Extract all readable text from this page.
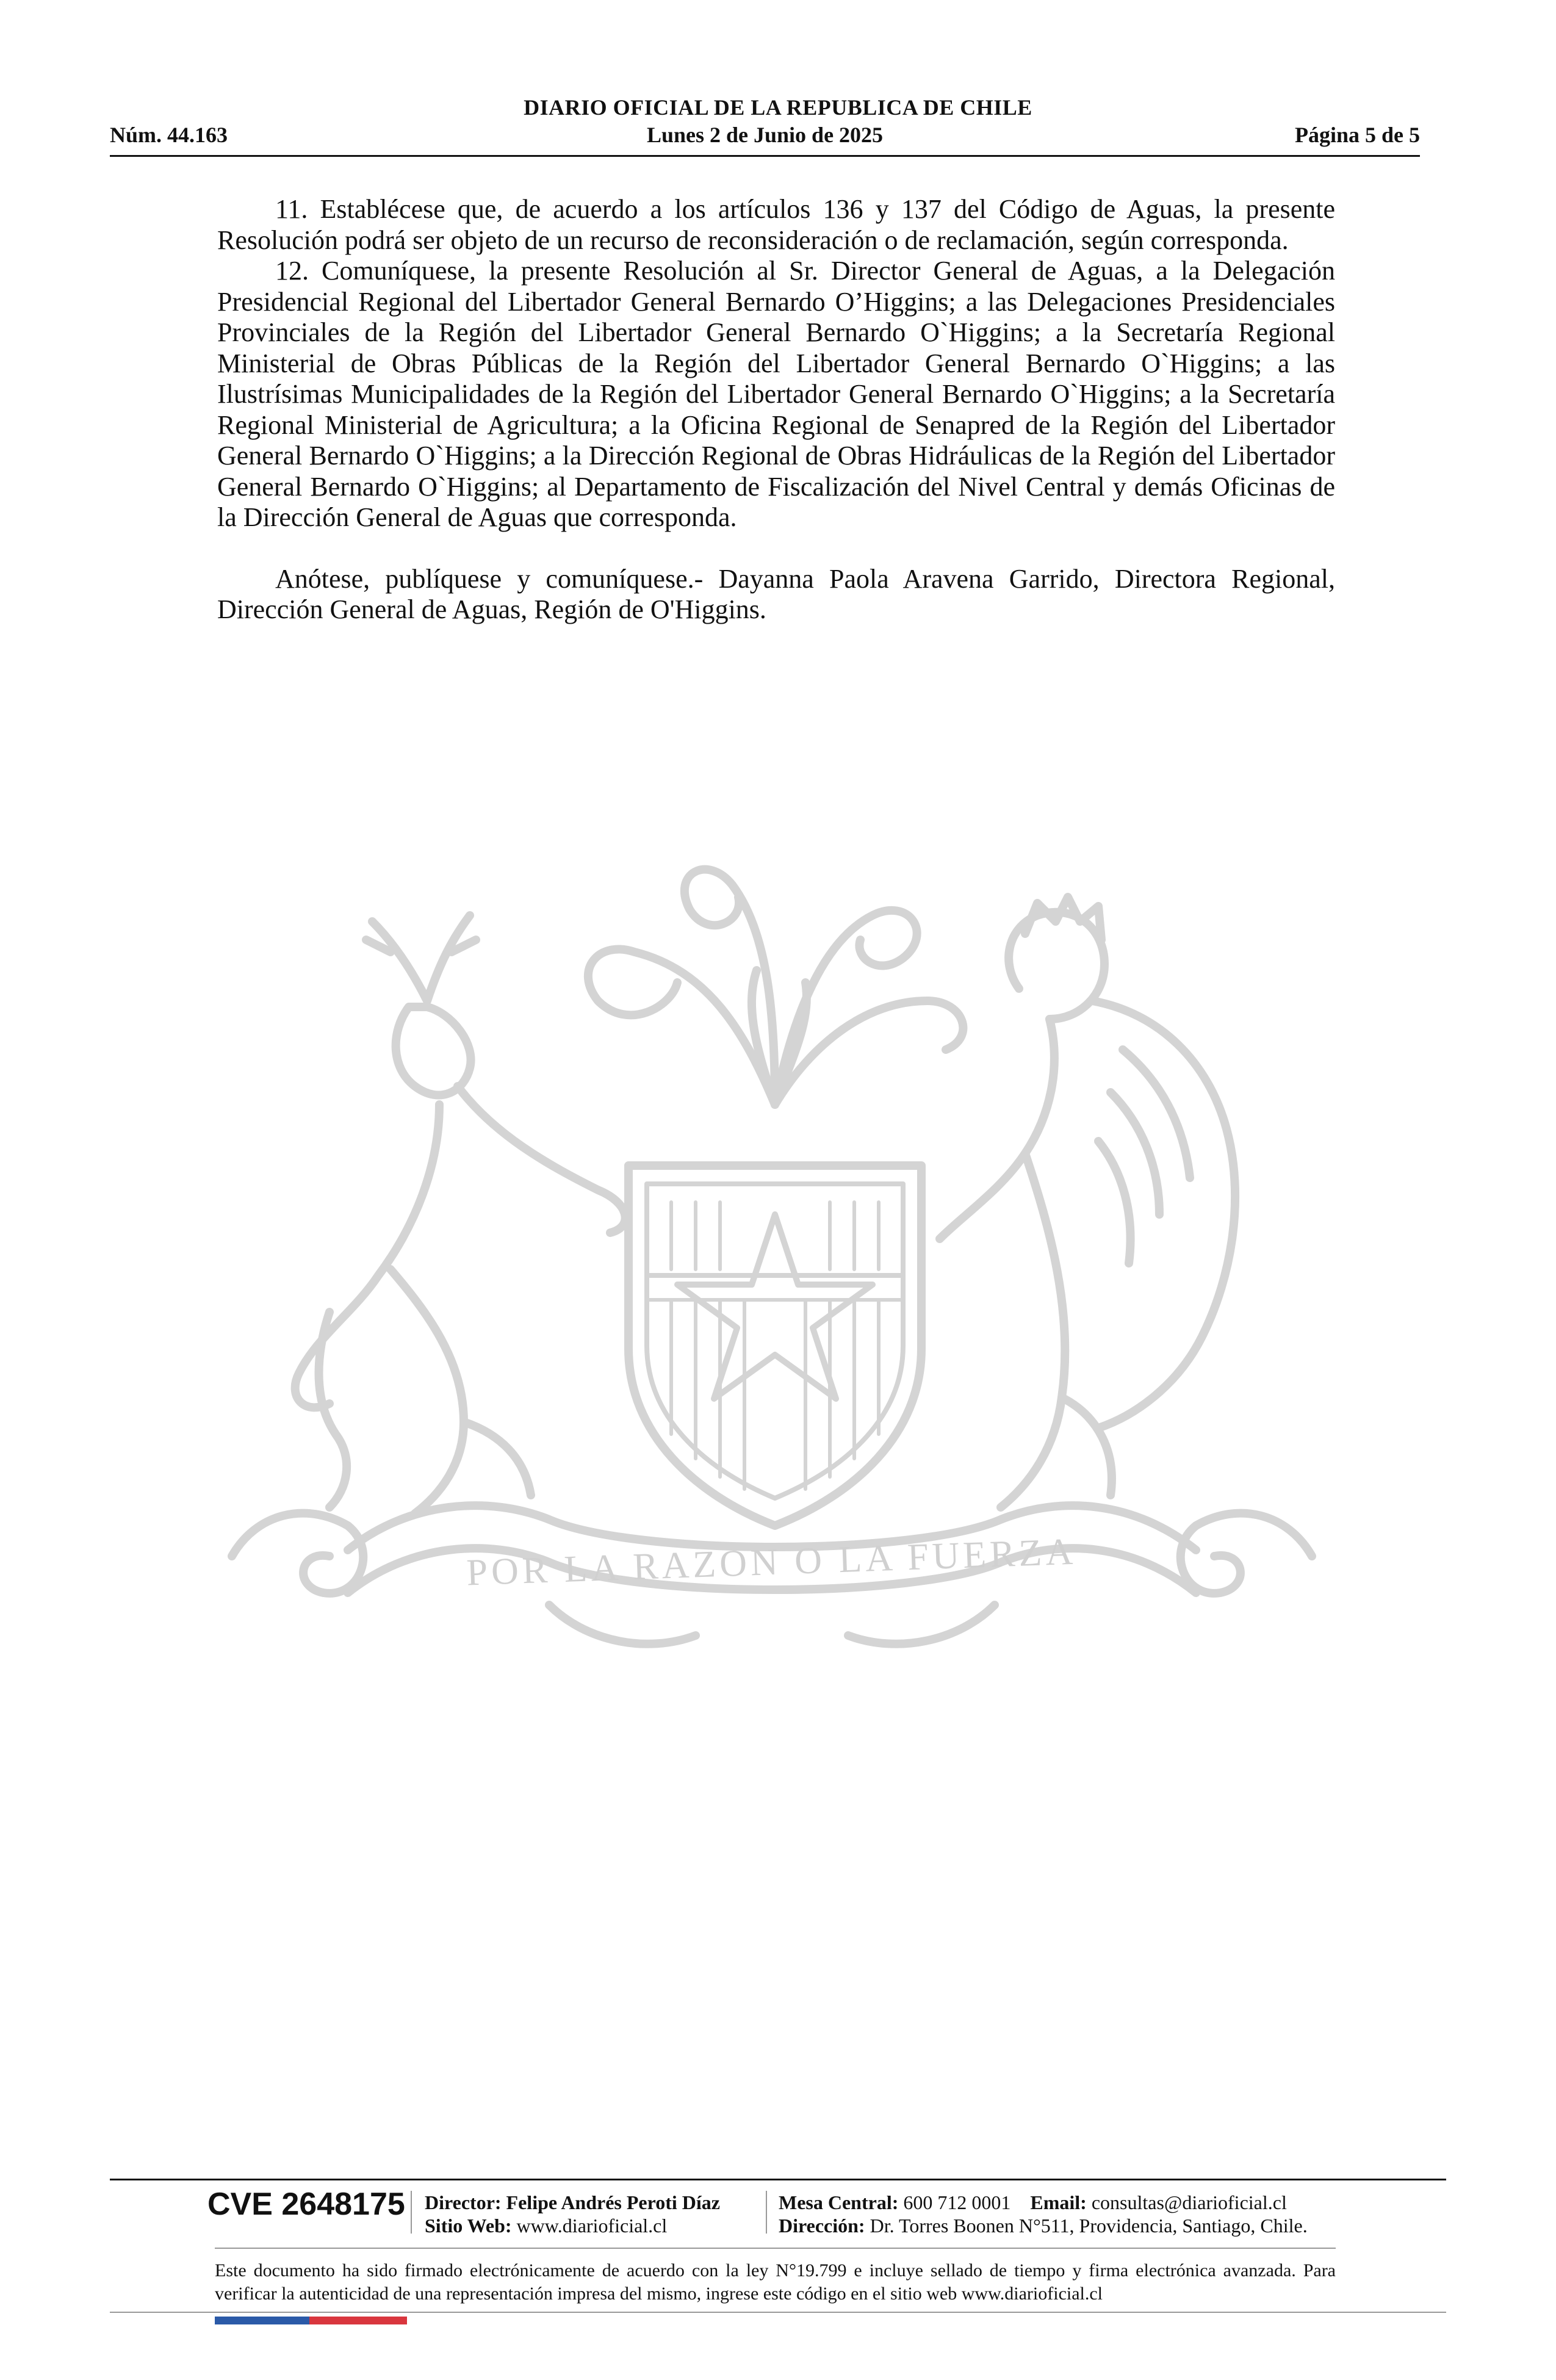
DIARIO OFICIAL DE LA REPUBLICA DE CHILE
Lunes 2 de Junio de 2025
Núm. 44.163	Página 5 de 5

11. Establécese que, de acuerdo a los artículos 136 y 137 del Código de Aguas, la presente Resolución podrá ser objeto de un recurso de reconsideración o de reclamación, según corresponda.

12. Comuníquese, la presente Resolución al Sr. Director General de Aguas, a la Delegación Presidencial Regional del Libertador General Bernardo O’Higgins; a las Delegaciones Presidenciales Provinciales de la Región del Libertador General Bernardo O`Higgins; a la Secretaría Regional Ministerial de Obras Públicas de la Región del Libertador General Bernardo O`Higgins; a las Ilustrísimas Municipalidades de la Región del Libertador General Bernardo O`Higgins; a la Secretaría Regional Ministerial de Agricultura; a la Oficina Regional de Senapred de la Región del Libertador General Bernardo O`Higgins; a la Dirección Regional de Obras Hidráulicas de la Región del Libertador General Bernardo O`Higgins; al Departamento de Fiscalización del Nivel Central y demás Oficinas de la Dirección General de Aguas que corresponda.

Anótese, publíquese y comuníquese.- Dayanna Paola Aravena Garrido, Directora Regional, Dirección General de Aguas, Región de O'Higgins.

POR LA RAZON O LA FUERZA
CVE 2648175 Director: Felipe Andrés Peroti Díaz
Sitio Web: www.diarioficial.cl
Mesa Central: 600 712 0001 Email: consultas@diarioficial.cl
Dirección: Dr. Torres Boonen N°511, Providencia, Santiago, Chile.
Este documento ha sido firmado electrónicamente de acuerdo con la ley N°19.799 e incluye sellado de tiempo y firma electrónica avanzada. Para verificar la autenticidad de una representación impresa del mismo, ingrese este código en el sitio web www.diarioficial.cl
